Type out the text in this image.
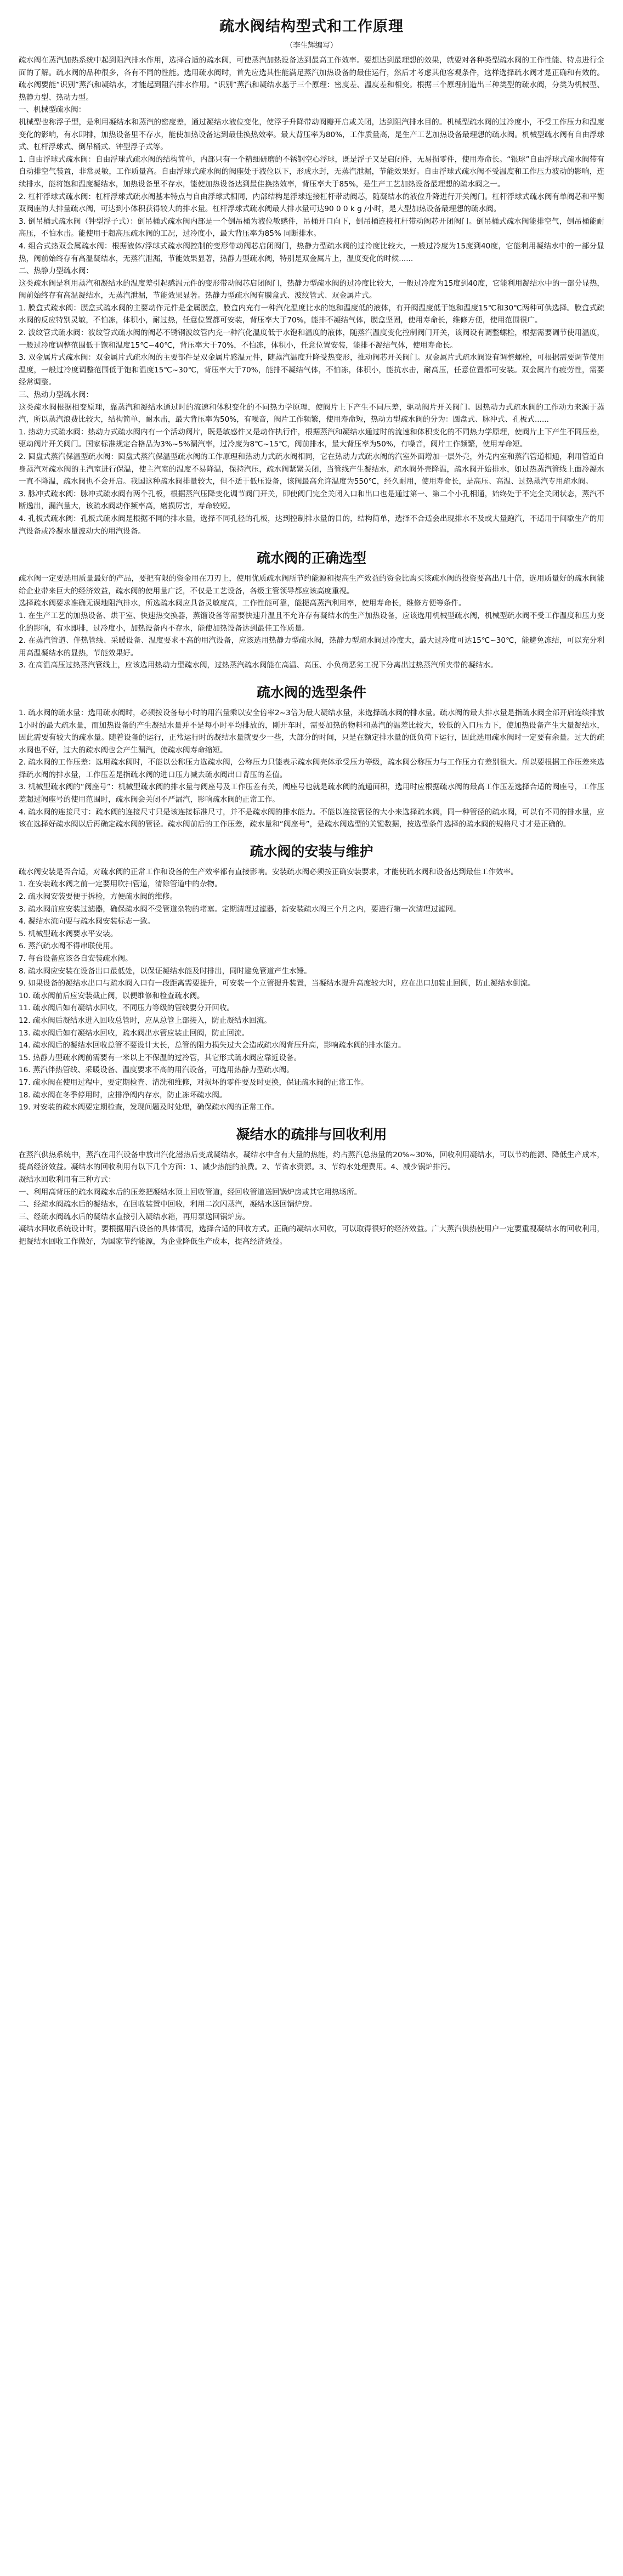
疏水阀结构型式和工作原理
（李生辉编写）
疏水阀在蒸汽加热系统中起到阻汽排水作用，选择合适的疏水阀，可使蒸汽加热设备达到最高工作效率。要想达到最理想的效果，就要对各种类型疏水阀的工作性能、特点进行全面的了解。疏水阀的品种很多，各有不同的性能。选用疏水阀时，首先应选其性能满足蒸汽加热设备的最佳运行，然后才考虑其他客观条件，这样选择疏水阀才是正确和有效的。疏水阀要能“识别”蒸汽和凝结水，才能起到阻汽排水作用。“识别”蒸汽和凝结水基于三个原理：密度差、温度差和相变。根据三个原理制造出三种类型的疏水阀，分类为机械型、热静力型、热动力型。
一、机械型疏水阀：
机械型也称浮子型，是利用凝结水和蒸汽的密度差，通过凝结水液位变化，使浮子升降带动阀瓣开启或关闭，达到阻汽排水目的。机械型疏水阀的过冷度小，不受工作压力和温度变化的影响，有水即排，加热设备里不存水，能使加热设备达到最佳换热效率。最大背压率为80%，工作质量高，是生产工艺加热设备最理想的疏水阀。机械型疏水阀有自由浮球式、杠杆浮球式、倒吊桶式、钟型浮子式等。
1. 自由浮球式疏水阀：自由浮球式疏水阀的结构简单，内部只有一个精细研磨的不锈钢空心浮球，既是浮子又是启闭件，无易损零件，使用寿命长。“银球”自由浮球式疏水阀带有自动排空气装置，非常灵敏，工作质量高。自由浮球式疏水阀的阀座处于液位以下，形成水封，无蒸汽泄漏，节能效果好。自由浮球式疏水阀不受温度和工作压力波动的影响，连续排水，能将饱和温度凝结水，加热设备里不存水，能使加热设备达到最佳换热效率，背压率大于85%，是生产工艺加热设备最理想的疏水阀之一。
2. 杠杆浮球式疏水阀：杠杆浮球式疏水阀基本特点与自由浮球式相同，内部结构是浮球连接杠杆带动阀芯，随凝结水的液位升降进行开关阀门。杠杆浮球式疏水阀有单阀芯和平衡双阀座的大排量疏水阀，可达到小体积获得较大的排水量。杠杆浮球式疏水阀最大排水量可达90 0 0 k g /小时，是大型加热设备最理想的疏水阀。
3. 倒吊桶式疏水阀（钟型浮子式）：倒吊桶式疏水阀内部是一个倒吊桶为液位敏感件，吊桶开口向下，倒吊桶连接杠杆带动阀芯开闭阀门。倒吊桶式疏水阀能排空气，倒吊桶能耐高压，不怕水击。能使用于超高压疏水阀的工况，过冷度小，最大背压率为85% 同断排水。
4. 组合式热双金属疏水阀：根据液体/浮球式疏水阀控制的变形带动阀芯启闭阀门，热静力型疏水阀的过冷度比较大，一般过冷度为15度到40度，它能利用凝结水中的一部分显热，阀前始终存有高温凝结水，无蒸汽泄漏，节能效果显著，热静力型疏水阀，特别是双金属片上，温度变化的时候......
二、热静力型疏水阀：
这类疏水阀是利用蒸汽和凝结水的温度差引起感温元件的变形带动阀芯启闭阀门，热静力型疏水阀的过冷度比较大，一般过冷度为15度到40度，它能利用凝结水中的一部分显热，阀前始终存有高温凝结水，无蒸汽泄漏，节能效果显著。热静力型疏水阀有膜盒式、波纹管式、双金属片式。
1. 膜盒式疏水阀：膜盒式疏水阀的主要动作元件是金属膜盒，膜盒内充有一种汽化温度比水的饱和温度低的液体，有开阀温度低于饱和温度15℃和30℃两种可供选择。膜盒式疏水阀的反应特别灵敏，不怕冻，体积小，耐过热，任意位置都可安装，背压率大于70%，能排不凝结气体，膜盒坚固，使用寿命长，维修方便，使用范围很广。
2. 波纹管式疏水阀：波纹管式疏水阀的阀芯不锈钢波纹管内充一种汽化温度低于水饱和温度的液体，随蒸汽温度变化控制阀门开关，该阀设有调整螺栓，根据需要调节使用温度，一般过冷度调整范围低于饱和温度15℃~40℃，背压率大于70%，不怕冻，体积小，任意位置安装，能排不凝结气体，使用寿命长。
3. 双金属片式疏水阀：双金属片式疏水阀的主要部件是双金属片感温元件，随蒸汽温度升降受热变形，推动阀芯开关阀门。双金属片式疏水阀设有调整螺栓，可根据需要调节使用温度，一般过冷度调整范围低于饱和温度15℃~30℃，背压率大于70%，能排不凝结气体，不怕冻，体积小，能抗水击，耐高压，任意位置都可安装。双金属片有疲劳性，需要经常调整。
三、热动力型疏水阀：
这类疏水阀根据相变原理，靠蒸汽和凝结水通过时的流速和体积变化的不同热力学原理，使阀片上下产生不同压差，驱动阀片开关阀门。因热动力式疏水阀的工作动力来源于蒸汽，所以蒸汽浪费比较大，结构简单，耐水击，最大背压率为50%，有噪音，阀片工作频繁，使用寿命短，热动力型疏水阀的分为：圆盘式、脉冲式、孔板式......
1. 热动力式疏水阀：热动力式疏水阀内有一个活动阀片，既是敏感件又是动作执行件，根据蒸汽和凝结水通过时的流速和体积变化的不同热力学原理，使阀片上下产生不同压差，驱动阀片开关阀门。国家标准规定合格品为3%~5%漏汽率，过冷度为8℃~15℃，阀前排水，最大背压率为50%，有噪音，阀片工作频繁，使用寿命短。
2. 圆盘式蒸汽保温型疏水阀：圆盘式蒸汽保温型疏水阀的工作原理和热动力式疏水阀相同，它在热动力式疏水阀的汽室外面增加一层外壳，外壳内室和蒸汽管道相通，利用管道自身蒸汽对疏水阀的主汽室进行保温，使主汽室的温度不易降温，保持汽压，疏水阀紧紧关闭，当管线产生凝结水，疏水阀外壳降温，疏水阀开始排水，如过热蒸汽管线上面冷凝水一直不降温，疏水阀也不会开启。我国这种疏水阀排量较大，但不适于低压设备，该阀最高允许温度为550℃，经久耐用，使用寿命长，是高压、高温、过热蒸汽专用疏水阀。
3. 脉冲式疏水阀：脉冲式疏水阀有两个孔板，根据蒸汽压降变化调节阀门开关，即使阀门完全关闭入口和出口也是通过第一、第二个小孔相通，始终处于不完全关闭状态，蒸汽不断逸出，漏汽量大，该疏水阀动作频率高，磨损厉害，寿命较短。
4. 孔板式疏水阀：孔板式疏水阀是根据不同的排水量，选择不同孔径的孔板，达到控制排水量的目的，结构简单，选择不合适会出现排水不及或大量跑汽，不适用于间歇生产的用汽设备或冷凝水量波动大的用汽设备。
疏水阀的正确选型
疏水阀一定要选用质量最好的产品，要把有限的资金用在刀刃上，使用优质疏水阀所节约能源和提高生产效益的资金比购买该疏水阀的投资要高出几十倍，选用质量好的疏水阀能给企业带来巨大的经济效益，疏水阀的使用量广泛，不仅是工艺设备，各级主管领导都应该高度重视。
选择疏水阀要求准确无误地阻汽排水，所选疏水阀应具备灵敏度高，工作性能可靠，能提高蒸汽利用率，使用寿命长，维修方便等条件。
1. 在生产工艺的加热设备、烘干室、快速热交换器，蒸馏设备等需要快速升温且不允许存有凝结水的生产加热设备，应该选用机械型疏水阀，机械型疏水阀不受工作温度和压力变化的影响，有水即排，过冷度小，加热设备内不存水，能使加热设备达到最佳工作质量。
2. 在蒸汽管道、伴热管线、采暖设备、温度要求不高的用汽设备，应该选用热静力型疏水阀，热静力型疏水阀过冷度大，最大过冷度可达15℃~30℃，能避免冻结，可以充分利用高温凝结水的显热，节能效果好。
3. 在高温高压过热蒸汽管线上，应该选用热动力型疏水阀，过热蒸汽疏水阀能在高温、高压、小负荷恶劣工况下分离出过热蒸汽所夹带的凝结水。
疏水阀的选型条件
1. 疏水阀的疏水量：选用疏水阀时，必须按设备每小时的用汽量乘以安全倍率2~3倍为最大凝结水量，来选择疏水阀的排水量。疏水阀的最大排水量是指疏水阀全部开启连续排放1小时的最大疏水量，而加热设备的产生凝结水量并不是每小时平均排放的，刚开车时，需要加热的物料和蒸汽的温差比较大，较低的入口压力下，使加热设备产生大量凝结水，因此需要有较大的疏水量。随着设备的运行，正常运行时的凝结水量就要少一些，大部分的时间，只是在额定排水量的低负荷下运行，因此选用疏水阀时一定要有余量。过大的疏水阀也不好，过大的疏水阀也会产生漏汽，使疏水阀寿命缩短。
2. 疏水阀的工作压差：选用疏水阀时，不能以公称压力选疏水阀，公称压力只能表示疏水阀壳体承受压力等级，疏水阀公称压力与工作压力有差别很大。所以要根据工作压差来选择疏水阀的排水量，工作压差是指疏水阀的进口压力减去疏水阀出口背压的差值。
3. 机械型疏水阀的“阀座号”：机械型疏水阀的排水量与阀座号及工作压差有关，阀座号也就是疏水阀的流通面积，选用时应根据疏水阀的最高工作压差选择合适的阀座号，工作压差超过阀座号的使用范围时，疏水阀会关闭不严漏汽，影响疏水阀的正常工作。
4. 疏水阀的连接尺寸：疏水阀的连接尺寸只是该连接标准尺寸，并不是疏水阀的排水能力。不能以连接管径的大小来选择疏水阀，同一种管径的疏水阀，可以有不同的排水量，应该在选择好疏水阀以后再确定疏水阀的管径。疏水阀前后的工作压差，疏水量和“阀座号”，是疏水阀选型的关键数据，按选型条件选择的疏水阀的规格尺寸才是正确的。
疏水阀的安装与维护
疏水阀安装是否合适，对疏水阀的正常工作和设备的生产效率都有直接影响。安装疏水阀必须按正确安装要求，才能使疏水阀和设备达到最佳工作效率。
1. 在安装疏水阀之前一定要用吹扫管道，清除管道中的杂物。
2. 疏水阀安装要便于拆检，方便疏水阀的维修。
3. 疏水阀前应安装过滤器，确保疏水阀不受管道杂物的堵塞。定期清理过滤器，新安装疏水阀三个月之内，要进行第一次清理过滤网。
4. 凝结水流向要与疏水阀安装标志一致。
5. 机械型疏水阀要水平安装。
6. 蒸汽疏水阀不得串联使用。
7. 每台设备应该各自安装疏水阀。
8. 疏水阀应安装在设备出口最低处，以保证凝结水能及时排出，同时避免管道产生水锤。
9. 如果设备的凝结水出口与疏水阀入口有一段距离需要提升，可安装一个立管提升装置，当凝结水提升高度较大时，应在出口加装止回阀，防止凝结水倒流。
10. 疏水阀前后应安装截止阀，以便维修和检查疏水阀。
11. 疏水阀后如有凝结水回收，不同压力等级的管线要分开回收。
12. 疏水阀后凝结水进入回收总管时，应从总管上部接入，防止凝结水回流。
13. 疏水阀后如有凝结水回收，疏水阀出水管应装止回阀，防止回流。
14. 疏水阀后的凝结水回收总管不要设计太长，总管的阻力损失过大会造成疏水阀背压升高，影响疏水阀的排水能力。
15. 热静力型疏水阀前需要有一米以上不保温的过冷管，其它形式疏水阀应靠近设备。
16. 蒸汽伴热管线、采暖设备、温度要求不高的用汽设备，可选用热静力型疏水阀。
17. 疏水阀在使用过程中，要定期检查、清洗和维修，对损坏的零件要及时更换，保证疏水阀的正常工作。
18. 疏水阀在冬季停用时，应排净阀内存水，防止冻坏疏水阀。
19. 对安装的疏水阀要定期检查，发现问题及时处理，确保疏水阀的正常工作。
凝结水的疏排与回收利用
在蒸汽供热系统中，蒸汽在用汽设备中放出汽化潜热后变成凝结水，凝结水中含有大量的热能，约占蒸汽总热量的20%~30%，回收利用凝结水，可以节约能源、降低生产成本，提高经济效益。凝结水的回收利用有以下几个方面：1、减少热能的浪费。2、节省水资源。3、节约水处理费用。4、减少锅炉排污。
凝结水回收利用有三种方式：
一、利用高背压的疏水阀疏水后的压差把凝结水顶上回收管道，经回收管道送回锅炉房或其它用热场所。
二、经疏水阀疏水后的凝结水，在回收装置中回收，利用二次闪蒸汽，凝结水送回锅炉房。
三、经疏水阀疏水后的凝结水直接引入凝结水箱，再用泵送回锅炉房。
凝结水回收系统设计时，要根据用汽设备的具体情况，选择合适的回收方式。正确的凝结水回收，可以取得很好的经济效益。广大蒸汽供热使用户一定要重视凝结水的回收利用，把凝结水回收工作做好，为国家节约能源，为企业降低生产成本，提高经济效益。
